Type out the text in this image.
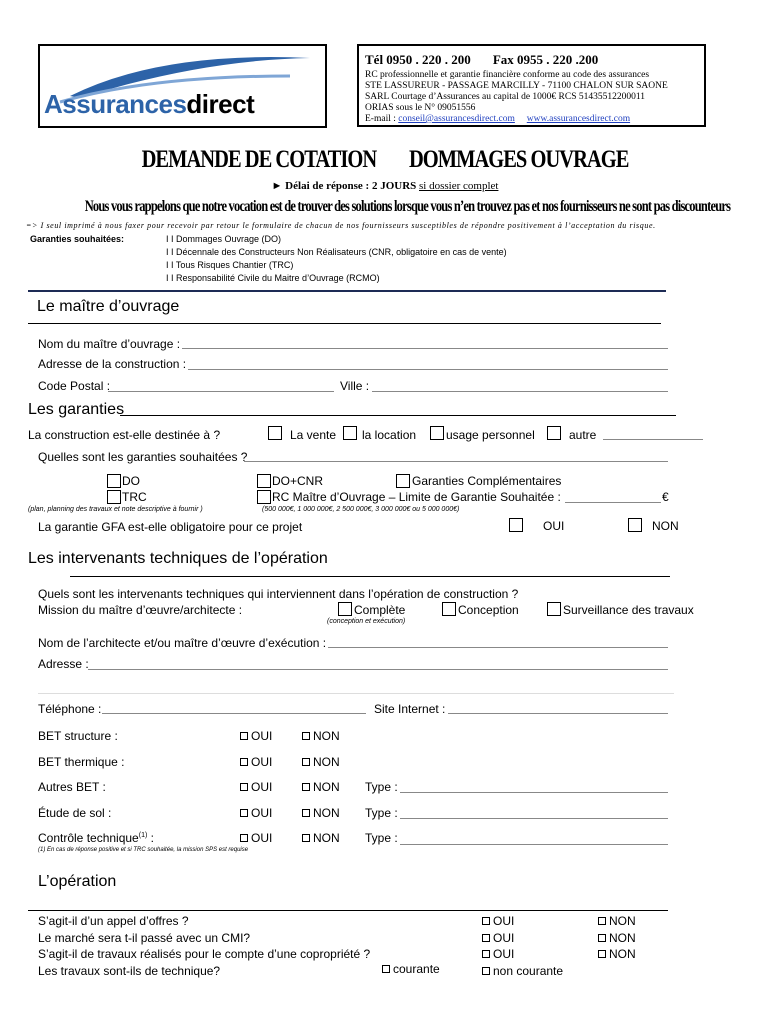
Assurancesdirect
Tél 0950 . 220 . 200 Fax 0955 . 220 .200
RC professionnelle et garantie financière conforme au code des assurances
STE LASSUREUR - PASSAGE MARCILLY - 71100 CHALON SUR SAONE
SARL Courtage d’Assurances au capital de 1000€ RCS 51435512200011
ORIAS sous le N° 09051556
E-mail : conseil@assurancesdirect.com www.assurancesdirect.com
DEMANDE DE COTATION DOMMAGES OUVRAGE
► Délai de réponse : 2 JOURS si dossier complet
Nous vous rappelons que notre vocation est de trouver des solutions lorsque vous n’en trouvez pas et nos fournisseurs ne sont pas discounteurs
=> I seul imprimé à nous faxer pour recevoir par retour le formulaire de chacun de nos fournisseurs susceptibles de répondre positivement à l’acceptation du risque.
Garanties souhaitées:	I I Dommages Ouvrage (DO)
I I Décennale des Constructeurs Non Réalisateurs (CNR, obligatoire en cas de vente)
I I Tous Risques Chantier (TRC)
I I Responsabilité Civile du Maitre d’Ouvrage (RCMO)
Le maître d’ouvrage
Nom du maître d’ouvrage :
Adresse de la construction :
Code Postal :	Ville :
Les garanties
La construction est-elle destinée à ?	La vente la location usage personnel	autre
Quelles sont les garanties souhaitées ?
DO	DO+CNR	Garanties Complémentaires
TRC	RC Maître d’Ouvrage – Limite de Garantie Souhaitée :	€
(plan, planning des travaux et note descriptive à fournir )	(500 000€, 1 000 000€, 2 500 000€, 3 000 000€ ou 5 000 000€)
La garantie GFA est-elle obligatoire pour ce projet	OUI	NON
Les intervenants techniques de l’opération
Quels sont les intervenants techniques qui interviennent dans l’opération de construction ?
Mission du maître d’œuvre/architecte :	Complète	Conception	Surveillance des travaux
(conception et exécution)
Nom de l’architecte et/ou maître d’œuvre d’exécution :
Adresse :
Téléphone :	Site Internet :
BET structure :	OUI	NON
BET thermique :	OUI	NON
Autres BET :	OUI	NON Type :
Étude de sol :	OUI	NON Type :
Contrôle technique$^{(1)}$ :	OUI	NON Type :
(1) En cas de réponse positive et si TRC souhaitée, la mission SPS est requise
L’opération
S’agit-il d’un appel d’offres ?	OUI	NON
Le marché sera t-il passé avec un CMI?	OUI	NON
S’agit-il de travaux réalisés pour le compte d’une copropriété ?	OUI	NON
Les travaux sont-ils de technique?	courante	non courante
